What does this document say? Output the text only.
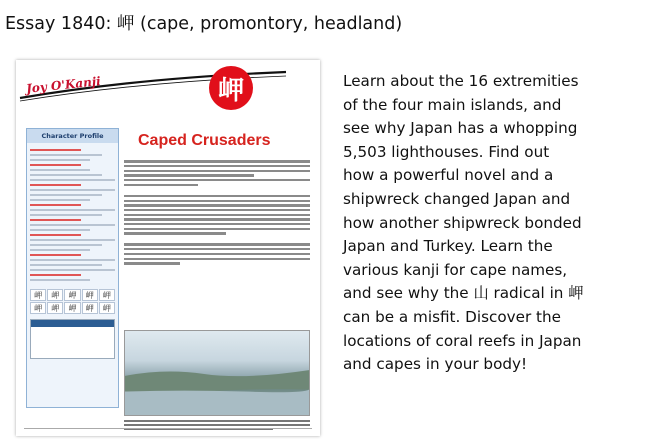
Essay 1840: 岬 (cape, promontory, headland)
Joy O'Kanji	岬
Character Profile
岬	岬	岬	岬	岬
岬	岬	岬	岬	岬
Caped Crusaders
Learn about the 16 extremities
of the four main islands, and
see why Japan has a whopping
5,503 lighthouses. Find out
how a powerful novel and a
shipwreck changed Japan and
how another shipwreck bonded
Japan and Turkey. Learn the
various kanji for cape names,
and see why the 山 radical in 岬
can be a misfit. Discover the
locations of coral reefs in Japan
and capes in your body!
